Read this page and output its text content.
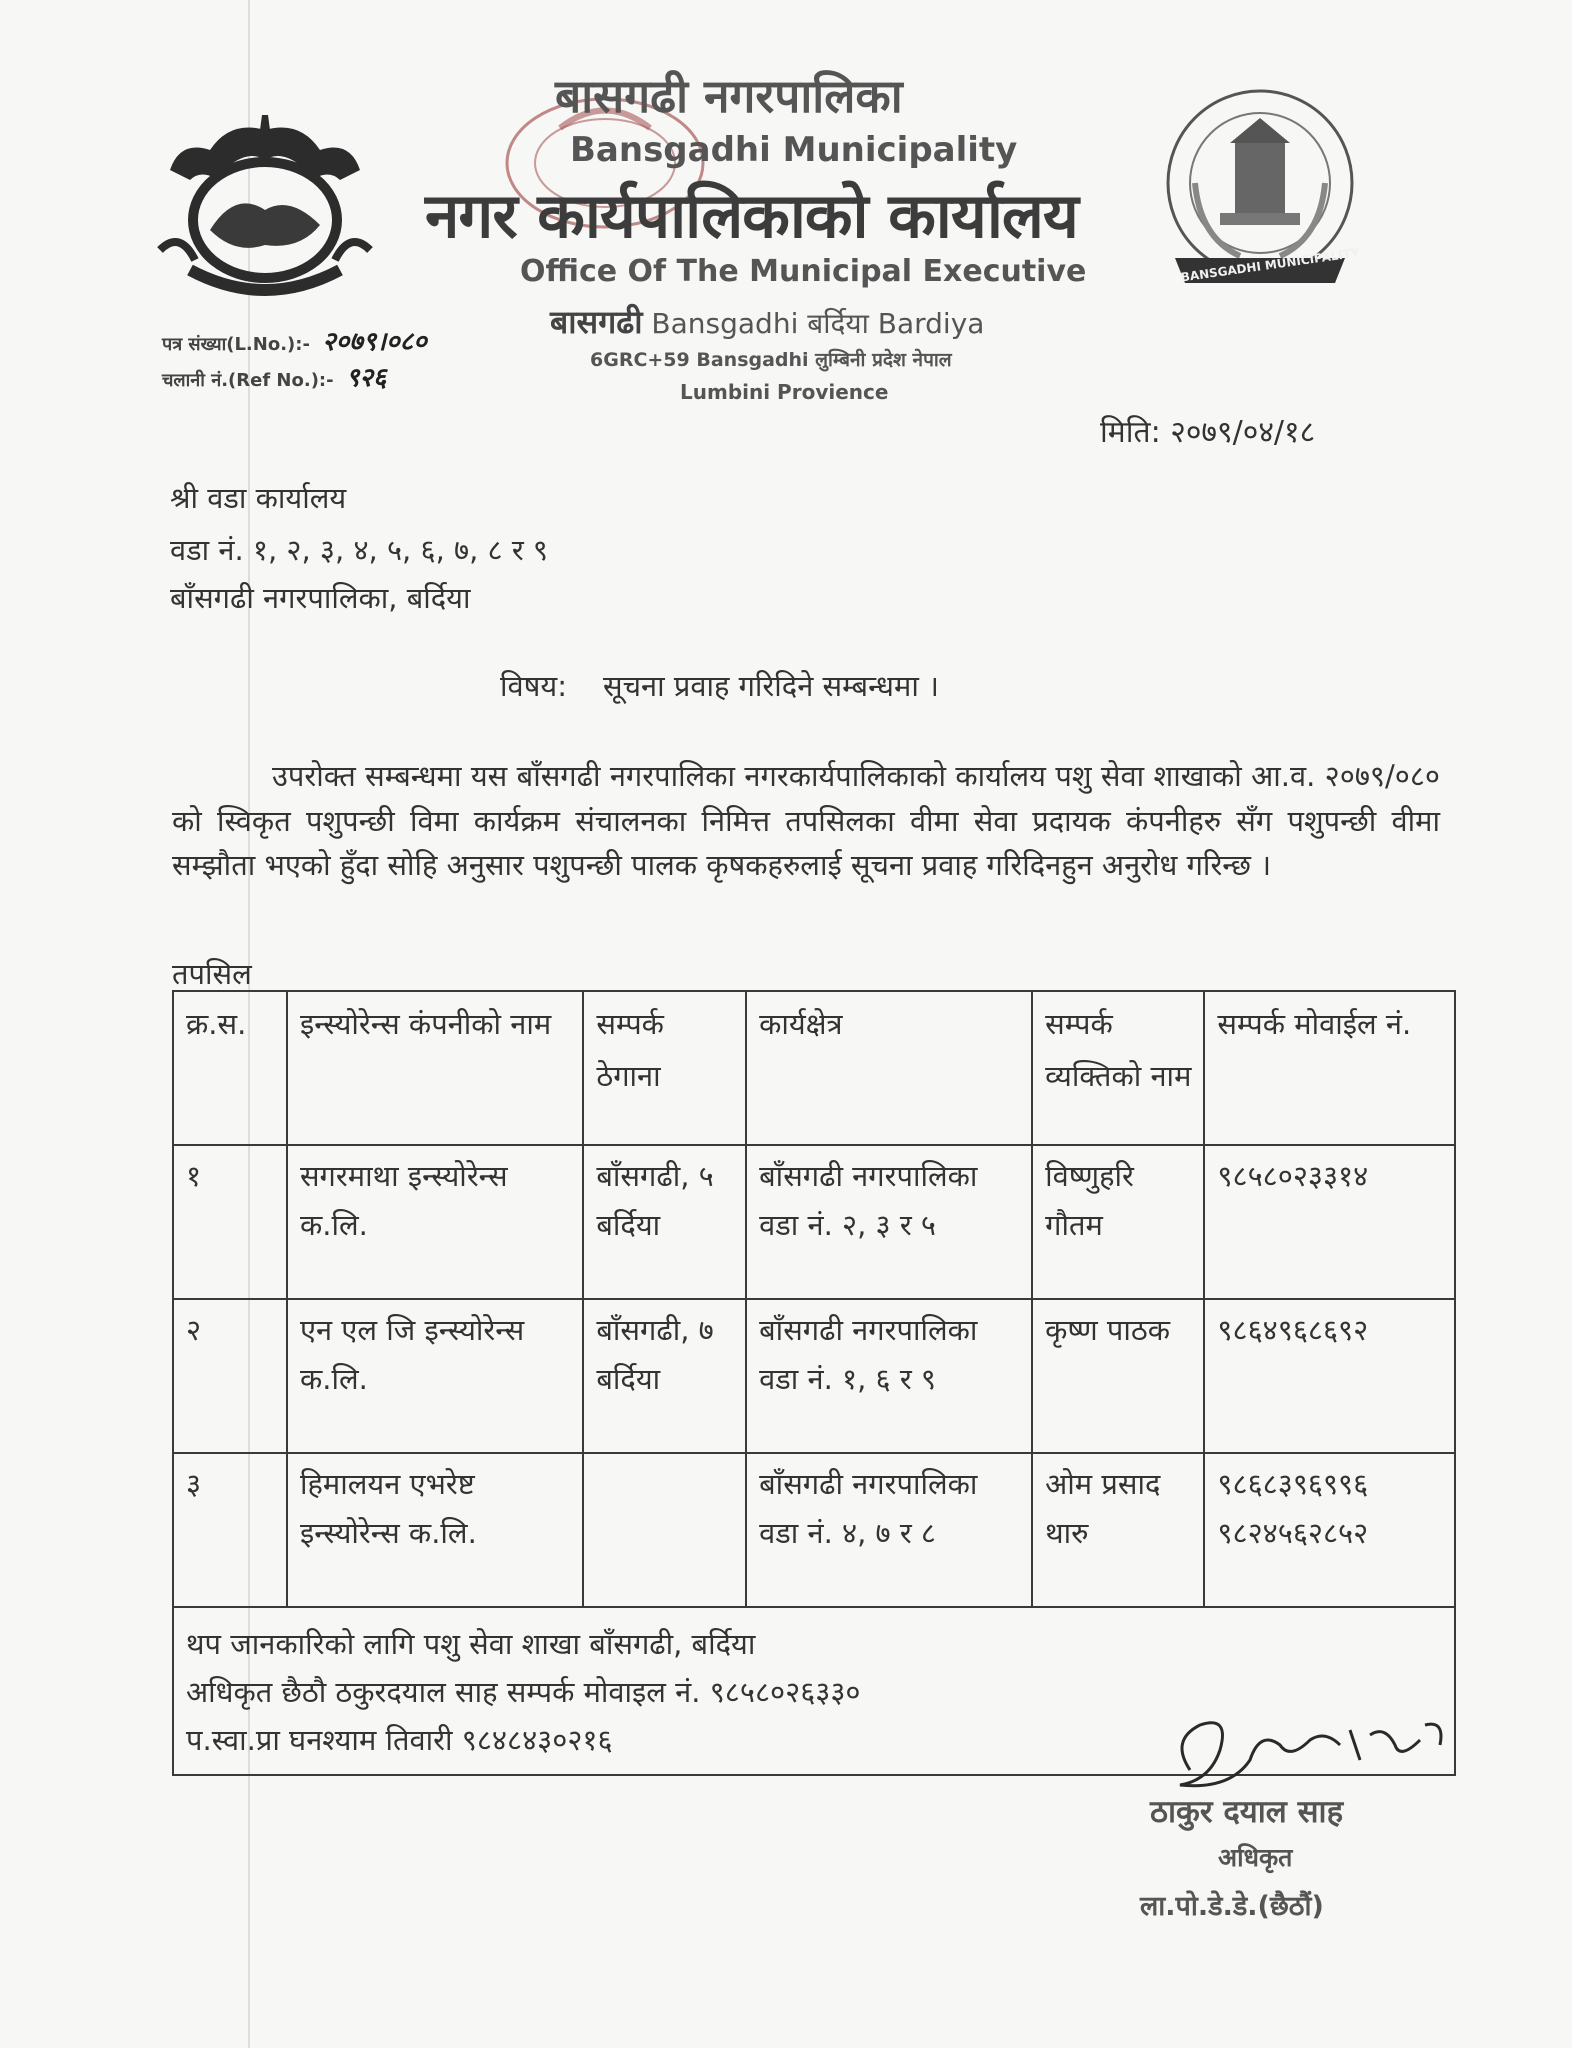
BANSGADHI MUNICIPALITY
बासगढी नगरपालिका
Bansgadhi Municipality
नगर कार्यपालिकाको कार्यालय
Office Of The Municipal Executive
बासगढी Bansgadhi बर्दिया Bardiya
6GRC+59 Bansgadhi लुम्बिनी प्रदेश नेपाल
Lumbini Provience
पत्र संख्या(L.No.):- २०७९।०८०
चलानी नं.(Ref No.):- ९२६
मिति: २०७९/०४/१८
श्री वडा कार्यालय
वडा नं. १, २, ३, ४, ५, ६, ७, ८ र ९
बाँसगढी नगरपालिका, बर्दिया
विषय: सूचना प्रवाह गरिदिने सम्बन्धमा ।
उपरोक्त सम्बन्धमा यस बाँसगढी नगरपालिका नगरकार्यपालिकाको कार्यालय पशु सेवा शाखाको आ.व. २०७९/०८० को स्विकृत पशुपन्छी विमा कार्यक्रम संचालनका निमित्त तपसिलका वीमा सेवा प्रदायक कंपनीहरु सँग पशुपन्छी वीमा सम्झौता भएको हुँदा सोहि अनुसार पशुपन्छी पालक कृषकहरुलाई सूचना प्रवाह गरिदिनहुन अनुरोध गरिन्छ ।
तपसिल
क्र.स.	इन्स्योरेन्स कंपनीको नाम	सम्पर्क ठेगाना	कार्यक्षेत्र	सम्पर्क व्यक्तिको नाम	सम्पर्क मोवाईल नं.
१	सगरमाथा इन्स्योरेन्स क.लि.	बाँसगढी, ५ बर्दिया	बाँसगढी नगरपालिका वडा नं. २, ३ र ५	विष्णुहरि गौतम	९८५८०२३३१४
२	एन एल जि इन्स्योरेन्स क.लि.	बाँसगढी, ७ बर्दिया	बाँसगढी नगरपालिका वडा नं. १, ६ र ९	कृष्ण पाठक	९८६४९६८६९२
३	हिमालयन एभरेष्ट इन्स्योरेन्स क.लि.		बाँसगढी नगरपालिका वडा नं. ४, ७ र ८	ओम प्रसाद थारु	९८६८३९६९९६ ९८२४५६२८५२

थप जानकारिको लागि पशु सेवा शाखा बाँसगढी, बर्दिया
अधिकृत छैठौ ठकुरदयाल साह सम्पर्क मोवाइल नं. ९८५८०२६३३०
प.स्वा.प्रा घनश्याम तिवारी ९८४८४३०२१६					
ठाकुर दयाल साह
अधिकृत
ला.पो.डे.डे.(छैठौं)
